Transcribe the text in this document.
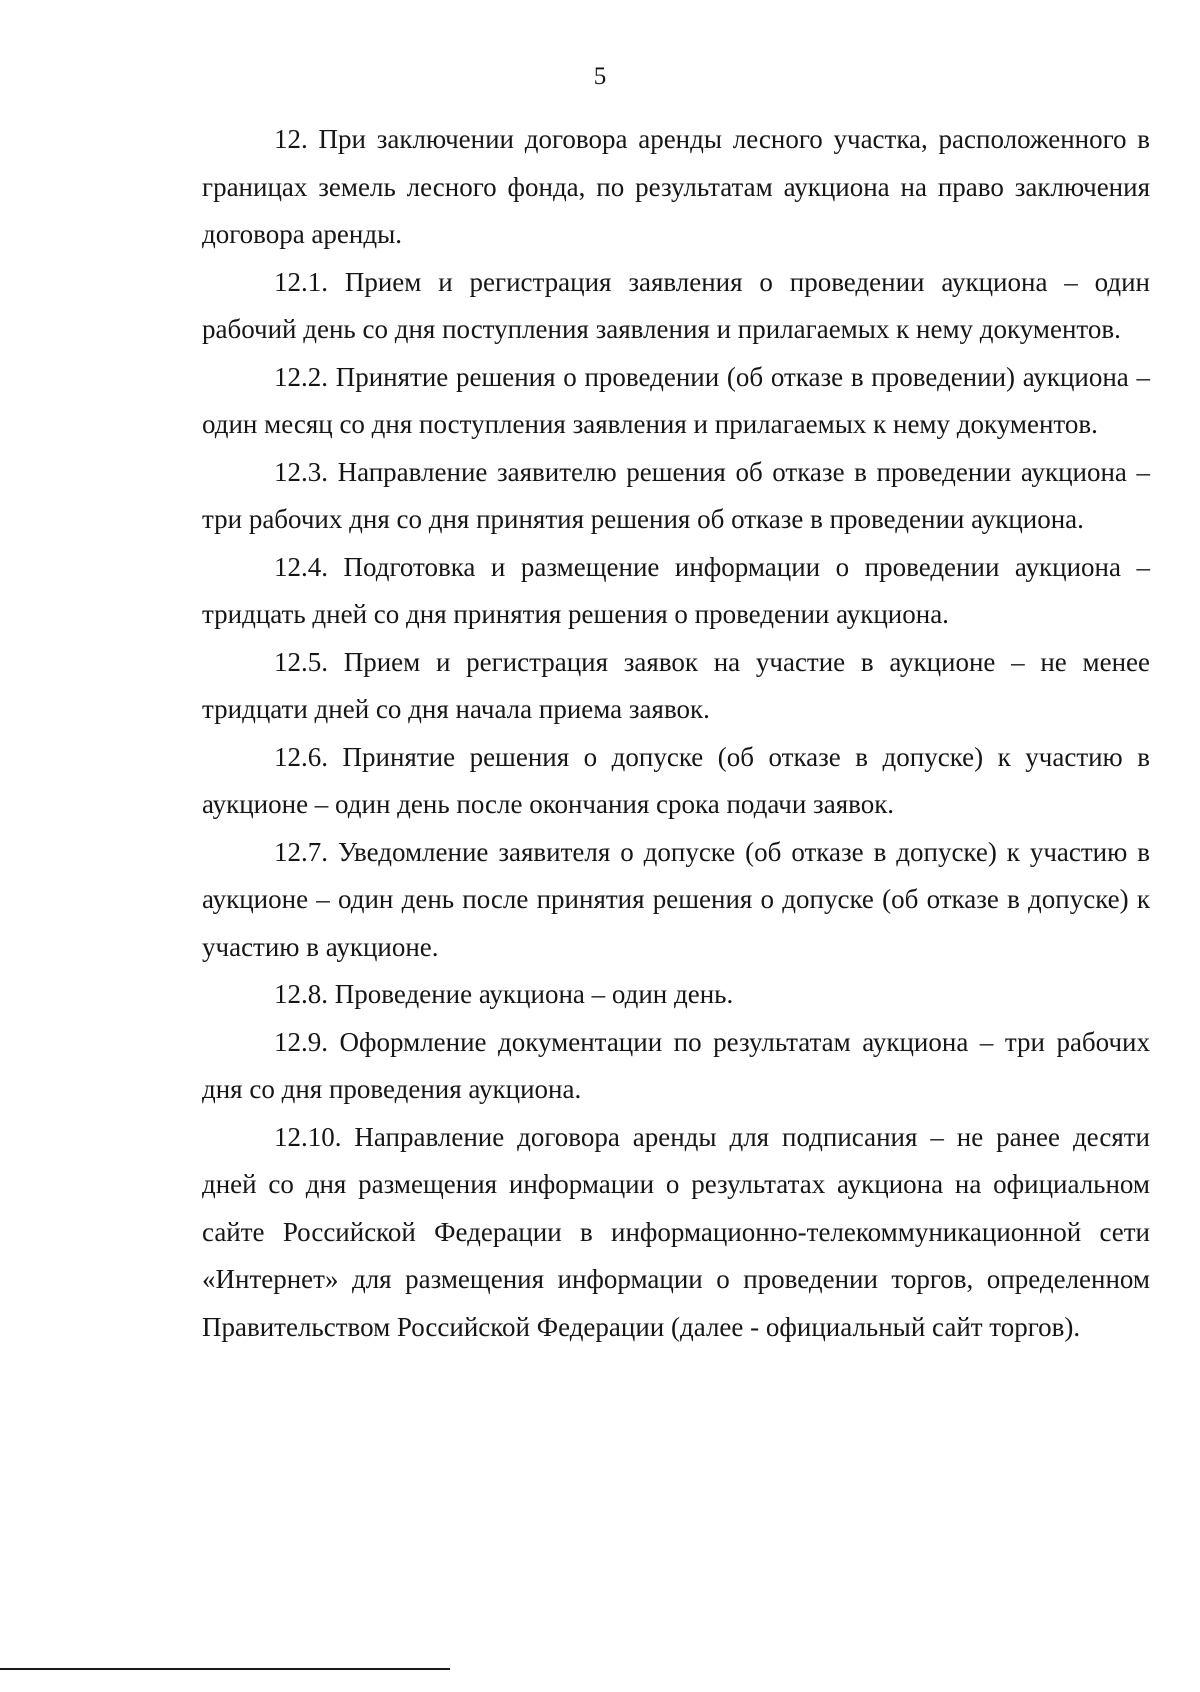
5

12. При заключении договора аренды лесного участка, расположенного в границах земель лесного фонда, по результатам аукциона на право заключения договора аренды.

12.1. Прием и регистрация заявления о проведении аукциона – один рабочий день со дня поступления заявления и прилагаемых к нему документов.

12.2. Принятие решения о проведении (об отказе в проведении) аукциона – один месяц со дня поступления заявления и прилагаемых к нему документов.

12.3. Направление заявителю решения об отказе в проведении аукциона – три рабочих дня со дня принятия решения об отказе в проведении аукциона.

12.4. Подготовка и размещение информации о проведении аукциона – тридцать дней со дня принятия решения о проведении аукциона.

12.5. Прием и регистрация заявок на участие в аукционе – не менее тридцати дней со дня начала приема заявок.

12.6. Принятие решения о допуске (об отказе в допуске) к участию в аукционе – один день после окончания срока подачи заявок.

12.7. Уведомление заявителя о допуске (об отказе в допуске) к участию в аукционе – один день после принятия решения о допуске (об отказе в допуске) к участию в аукционе.

12.8. Проведение аукциона – один день.

12.9. Оформление документации по результатам аукциона – три рабочих дня со дня проведения аукциона.

12.10. Направление договора аренды для подписания – не ранее десяти дней со дня размещения информации о результатах аукциона на официальном сайте Российской Федерации в информационно-телекоммуникационной сети «Интернет» для размещения информации о проведении торгов, определенном Правительством Российской Федерации (далее - официальный сайт торгов).
